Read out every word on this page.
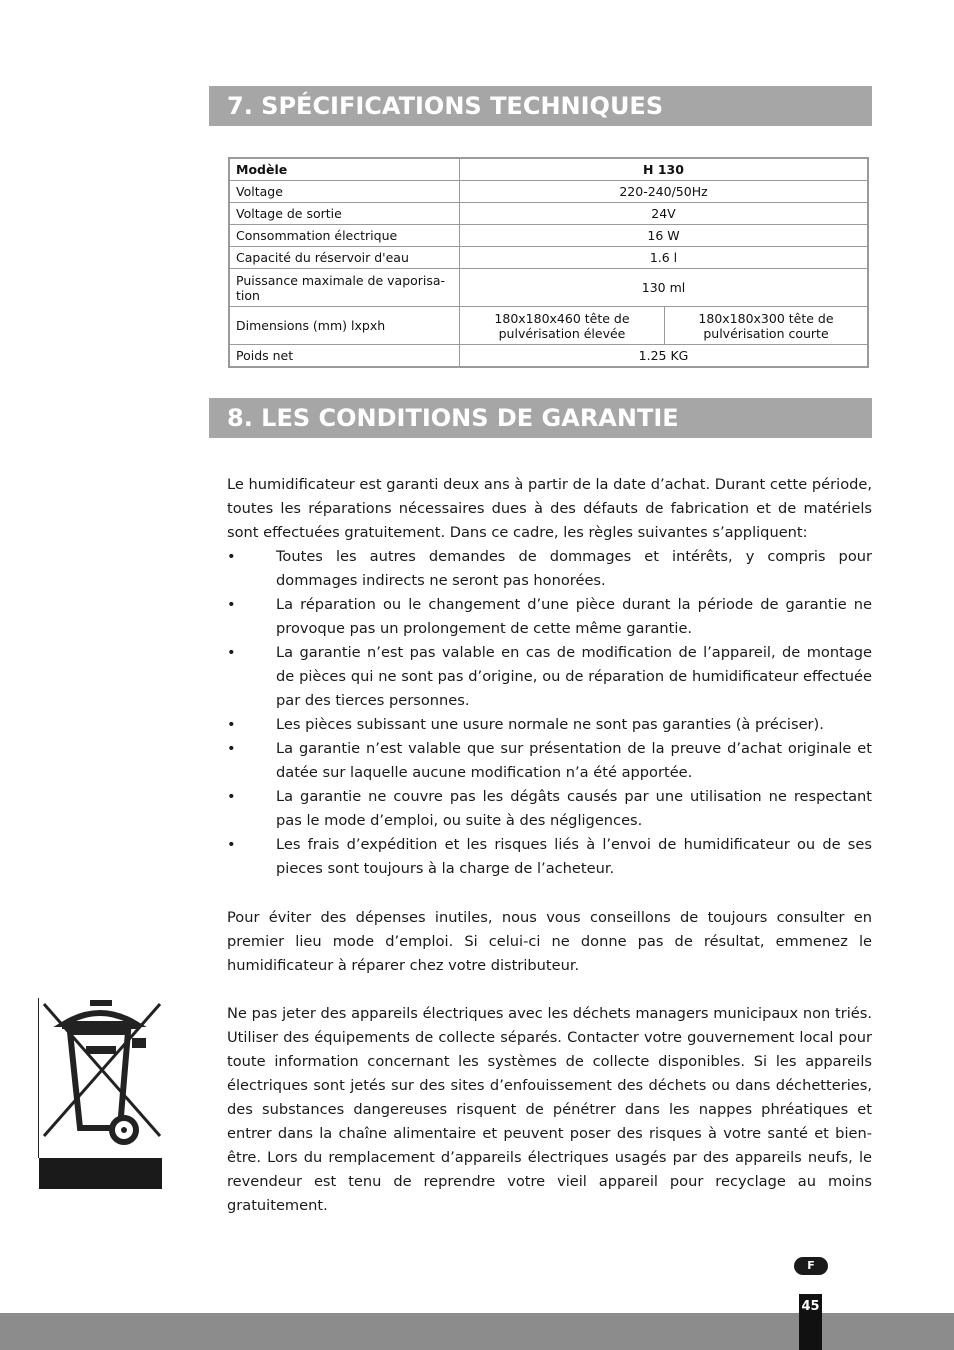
7. SPÉCIFICATIONS TECHNIQUES
Modèle	H 130	
Voltage	220-240/50Hz	
Voltage de sortie	24V	
Consommation électrique	16 W	
Capacité du réservoir d'eau	1.6 l	
Puissance maximale de vaporisa-tion	130 ml	
Dimensions (mm) lxpxh	180x180x460 tête de pulvérisation élevée	180x180x300 tête de pulvérisation courte
Poids net	1.25 KG	
8. LES CONDITIONS DE GARANTIE
Le humidificateur est garanti deux ans à partir de la date d’achat. Durant cette période, toutes les réparations nécessaires dues à des défauts de fabrication et de matériels sont effectuées gratuitement. Dans ce cadre, les règles suivantes s’appliquent:
•	Toutes les autres demandes de dommages et intérêts, y compris pour dommages indirects ne seront pas honorées.
•	La réparation ou le changement d’une pièce durant la période de garantie ne provoque pas un prolongement de cette même garantie.
•	La garantie n’est pas valable en cas de modification de l’appareil, de montage de pièces qui ne sont pas d’origine, ou de réparation de humidificateur effectuée par des tierces personnes.
•	Les pièces subissant une usure normale ne sont pas garanties (à préciser).
•	La garantie n’est valable que sur présentation de la preuve d’achat originale et datée sur laquelle aucune modification n’a été apportée.
•	La garantie ne couvre pas les dégâts causés par une utilisation ne respectant pas le mode d’emploi, ou suite à des négligences.
•	Les frais d’expédition et les risques liés à l’envoi de humidificateur ou de ses pieces sont toujours à la charge de l’acheteur.
Pour éviter des dépenses inutiles, nous vous conseillons de toujours consulter en premier lieu mode d’emploi. Si celui-ci ne donne pas de résultat, emmenez le humidificateur à réparer chez votre distributeur.
Ne pas jeter des appareils électriques avec les déchets managers municipaux non triés. Utiliser des équipements de collecte séparés. Contacter votre gouvernement local pour toute information concernant les systèmes de collecte disponibles. Si les appareils électriques sont jetés sur des sites d’enfouissement des déchets ou dans déchetteries, des substances dangereuses risquent de pénétrer dans les nappes phréatiques et entrer dans la chaîne alimentaire et peuvent poser des risques à votre santé et bien-être. Lors du remplacement d’appareils électriques usagés par des appareils neufs, le revendeur est tenu de reprendre votre vieil appareil pour recyclage au moins gratuitement.
F
45
